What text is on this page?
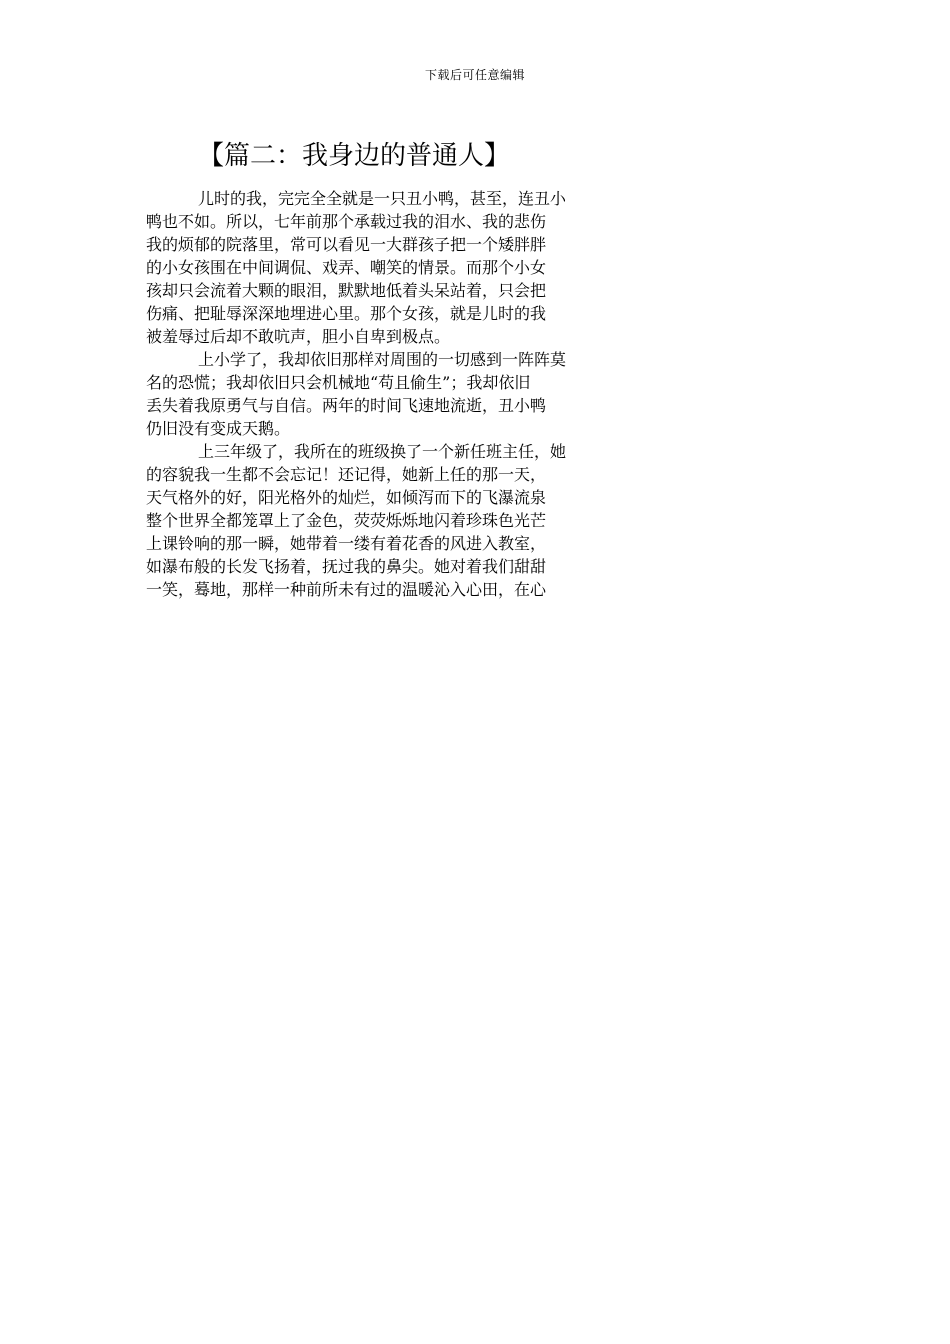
下载后可任意编辑
【篇二：我身边的普通人】
儿时的我，完完全全就是一只丑小鸭，甚至，连丑小
鸭也不如。所以，七年前那个承载过我的泪水、我的悲伤
我的烦郁的院落里，常可以看见一大群孩子把一个矮胖胖
的小女孩围在中间调侃、戏弄、嘲笑的情景。而那个小女
孩却只会流着大颗的眼泪，默默地低着头呆站着，只会把
伤痛、把耻辱深深地埋进心里。那个女孩，就是儿时的我
被羞辱过后却不敢吭声，胆小自卑到极点。
上小学了，我却依旧那样对周围的一切感到一阵阵莫
名的恐慌；我却依旧只会机械地“苟且偷生”；我却依旧
丢失着我原勇气与自信。两年的时间飞速地流逝，丑小鸭
仍旧没有变成天鹅。
上三年级了，我所在的班级换了一个新任班主任，她
的容貌我一生都不会忘记！还记得，她新上任的那一天，
天气格外的好，阳光格外的灿烂，如倾泻而下的飞瀑流泉
整个世界全都笼罩上了金色，荧荧烁烁地闪着珍珠色光芒
上课铃响的那一瞬，她带着一缕有着花香的风进入教室，
如瀑布般的长发飞扬着，抚过我的鼻尖。她对着我们甜甜
一笑，蓦地，那样一种前所未有过的温暖沁入心田，在心
